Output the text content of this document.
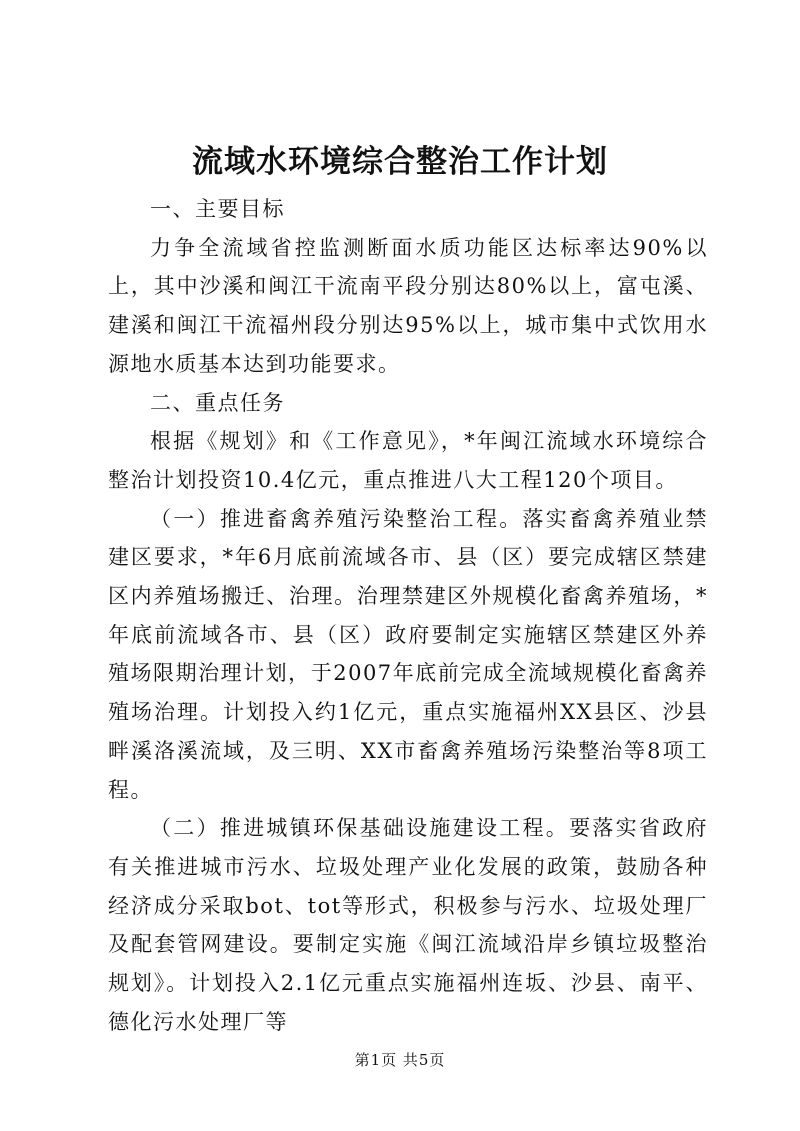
流域水环境综合整治工作计划

一、主要目标

力争全流域省控监测断面水质功能区达标率达90%以上，其中沙溪和闽江干流南平段分别达80%以上，富屯溪、建溪和闽江干流福州段分别达95%以上，城市集中式饮用水源地水质基本达到功能要求。

二、重点任务

根据《规划》和《工作意见》，*年闽江流域水环境综合整治计划投资10.4亿元，重点推进八大工程120个项目。

（一）推进畜禽养殖污染整治工程。落实畜禽养殖业禁建区要求，*年6月底前流域各市、县（区）要完成辖区禁建区内养殖场搬迁、治理。治理禁建区外规模化畜禽养殖场，*年底前流域各市、县（区）政府要制定实施辖区禁建区外养殖场限期治理计划，于2007年底前完成全流域规模化畜禽养殖场治理。计划投入约1亿元，重点实施福州XX县区、沙县畔溪洛溪流域，及三明、XX市畜禽养殖场污染整治等8项工程。

（二）推进城镇环保基础设施建设工程。要落实省政府有关推进城市污水、垃圾处理产业化发展的政策，鼓励各种经济成分采取bot、tot等形式，积极参与污水、垃圾处理厂及配套管网建设。要制定实施《闽江流域沿岸乡镇垃圾整治规划》。计划投入2.1亿元重点实施福州连坂、沙县、南平、德化污水处理厂等

第1页 共5页
